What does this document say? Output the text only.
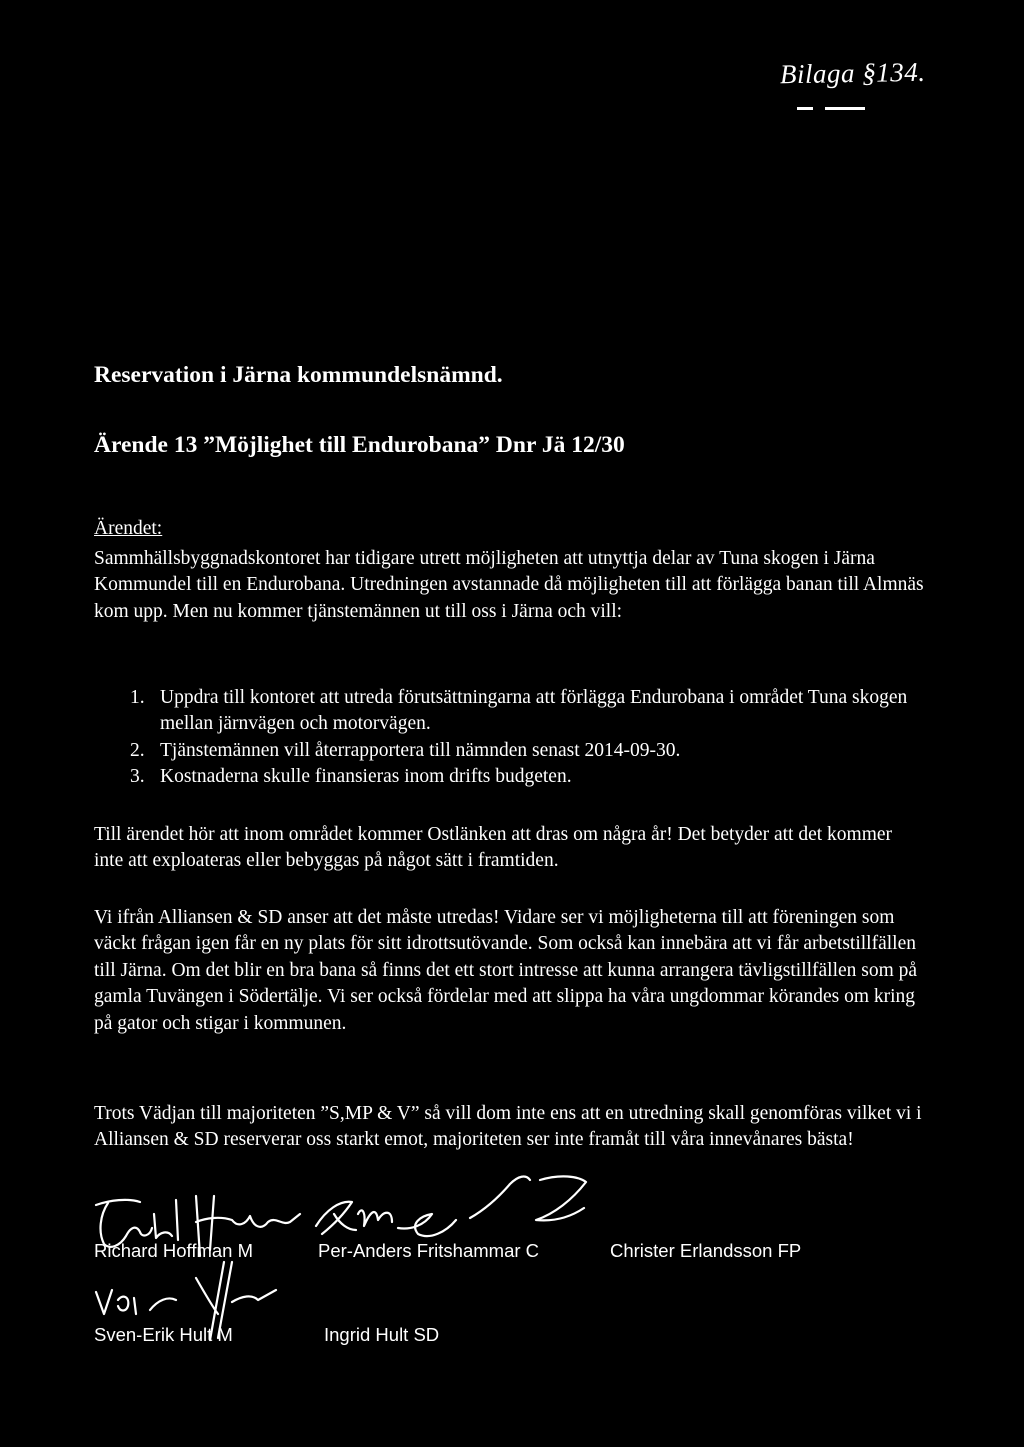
Bilaga §134.
Reservation i Järna kommundelsnämnd.
Ärende 13 ”Möjlighet till Endurobana” Dnr Jä 12/30

Ärendet:

Sammhällsbyggnadskontoret har tidigare utrett möjligheten att utnyttja delar av Tuna skogen i Järna Kommundel till en Endurobana. Utredningen avstannade då möjligheten till att förlägga banan till Almnäs kom upp. Men nu kommer tjänstemännen ut till oss i Järna och vill:

1. Uppdra till kontoret att utreda förutsättningarna att förlägga Endurobana i området Tuna skogen mellan järnvägen och motorvägen.
2. Tjänstemännen vill återrapportera till nämnden senast 2014-09-30.
3. Kostnaderna skulle finansieras inom drifts budgeten.

Till ärendet hör att inom området kommer Ostlänken att dras om några år! Det betyder att det kommer inte att exploateras eller bebyggas på något sätt i framtiden.

Vi ifrån Alliansen & SD anser att det måste utredas! Vidare ser vi möjligheterna till att föreningen som väckt frågan igen får en ny plats för sitt idrottsutövande. Som också kan innebära att vi får arbetstillfällen till Järna. Om det blir en bra bana så finns det ett stort intresse att kunna arrangera tävligstillfällen som på gamla Tuvängen i Södertälje. Vi ser också fördelar med att slippa ha våra ungdommar körandes om kring på gator och stigar i kommunen.

Trots Vädjan till majoriteten ”S,MP & V” så vill dom inte ens att en utredning skall genomföras vilket vi i Alliansen & SD reserverar oss starkt emot, majoriteten ser inte framåt till våra innevånares bästa!

Richard Hoffman M	Per-Anders Fritshammar C	Christer Erlandsson FP
Sven-Erik Hult M	Ingrid Hult SD
